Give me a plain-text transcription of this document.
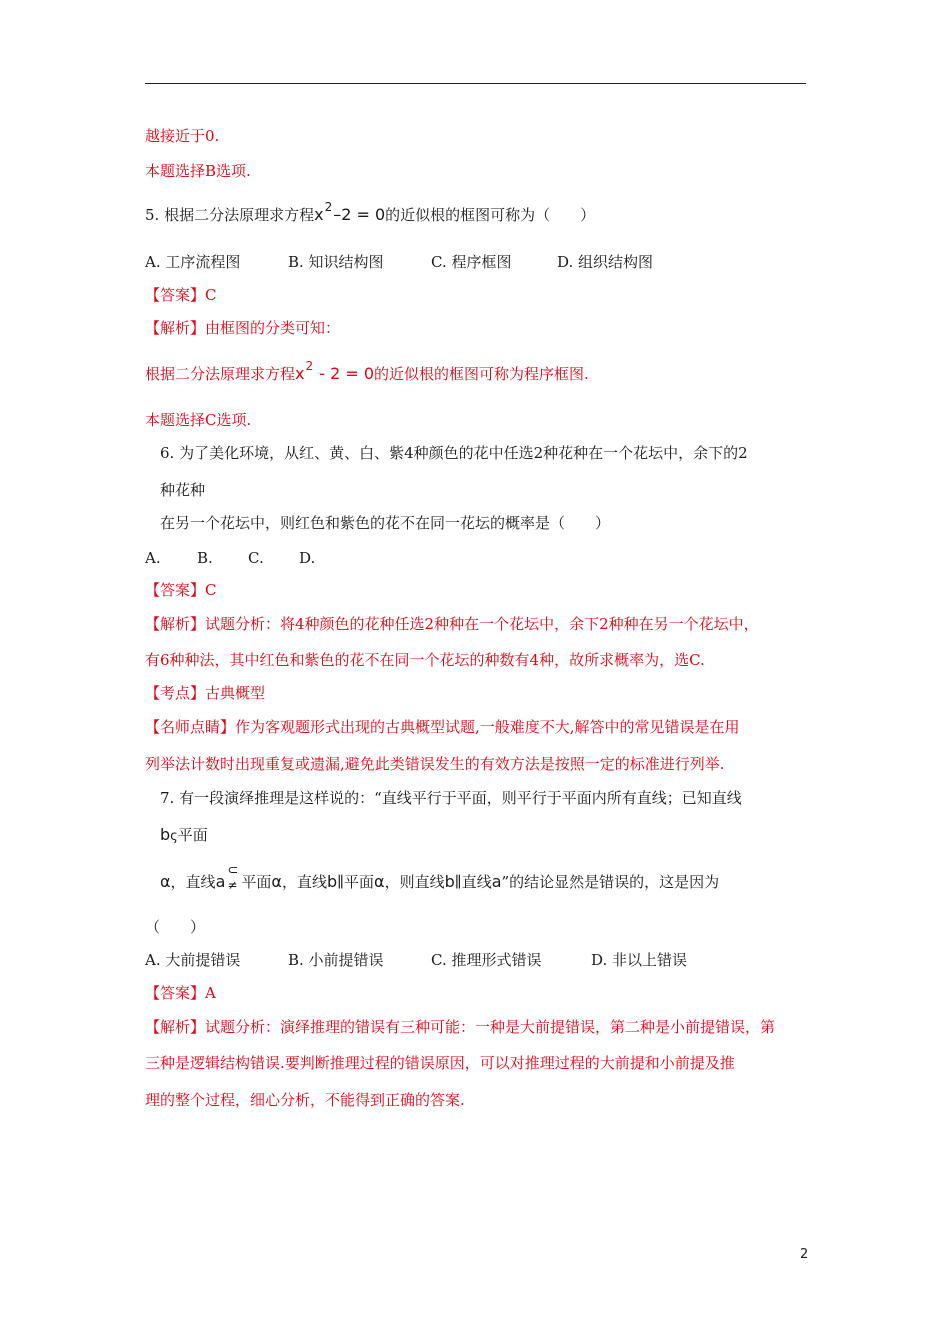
越接近于0.
本题选择B选项.
5. 根据二分法原理求方程$x^2-2 = 0$的近似根的框图可称为（　　）
A. 工序流程图	B. 知识结构图	C. 程序框图	D. 组织结构图
【答案】C
【解析】由框图的分类可知：
根据二分法原理求方程$x^2 - 2 = 0$的近似根的框图可称为程序框图.
本题选择C选项.
6. 为了美化环境，从红、黄、白、紫4种颜色的花中任选2种花种在一个花坛中，余下的2
种花种
在另一个花坛中，则红色和紫色的花不在同一花坛的概率是（　　）
A. B. C. D.
【答案】C
【解析】试题分析：将4种颜色的花种任选2种种在一个花坛中，余下2种种在另一个花坛中，
有6种种法，其中红色和紫色的花不在同一个花坛的种数有4种，故所求概率为，选C.
【考点】古典概型
【名师点睛】作为客观题形式出现的古典概型试题,一般难度不大,解答中的常见错误是在用
列举法计数时出现重复或遗漏,避免此类错误发生的有效方法是按照一定的标准进行列举.
7. 有一段演绎推理是这样说的：“直线平行于平面，则平行于平面内所有直线；已知直线
bς平面
α，直线a
⊂
≠ 平面α，直线b∥平面α，则直线b∥直线a”的结论显然是错误的，这是因为
（　　）
A. 大前提错误	B. 小前提错误	C. 推理形式错误	D. 非以上错误
【答案】A
【解析】试题分析：演绎推理的错误有三种可能：一种是大前提错误，第二种是小前提错误，第
三种是逻辑结构错误.要判断推理过程的错误原因，可以对推理过程的大前提和小前提及推
理的整个过程，细心分析，不能得到正确的答案.
2
